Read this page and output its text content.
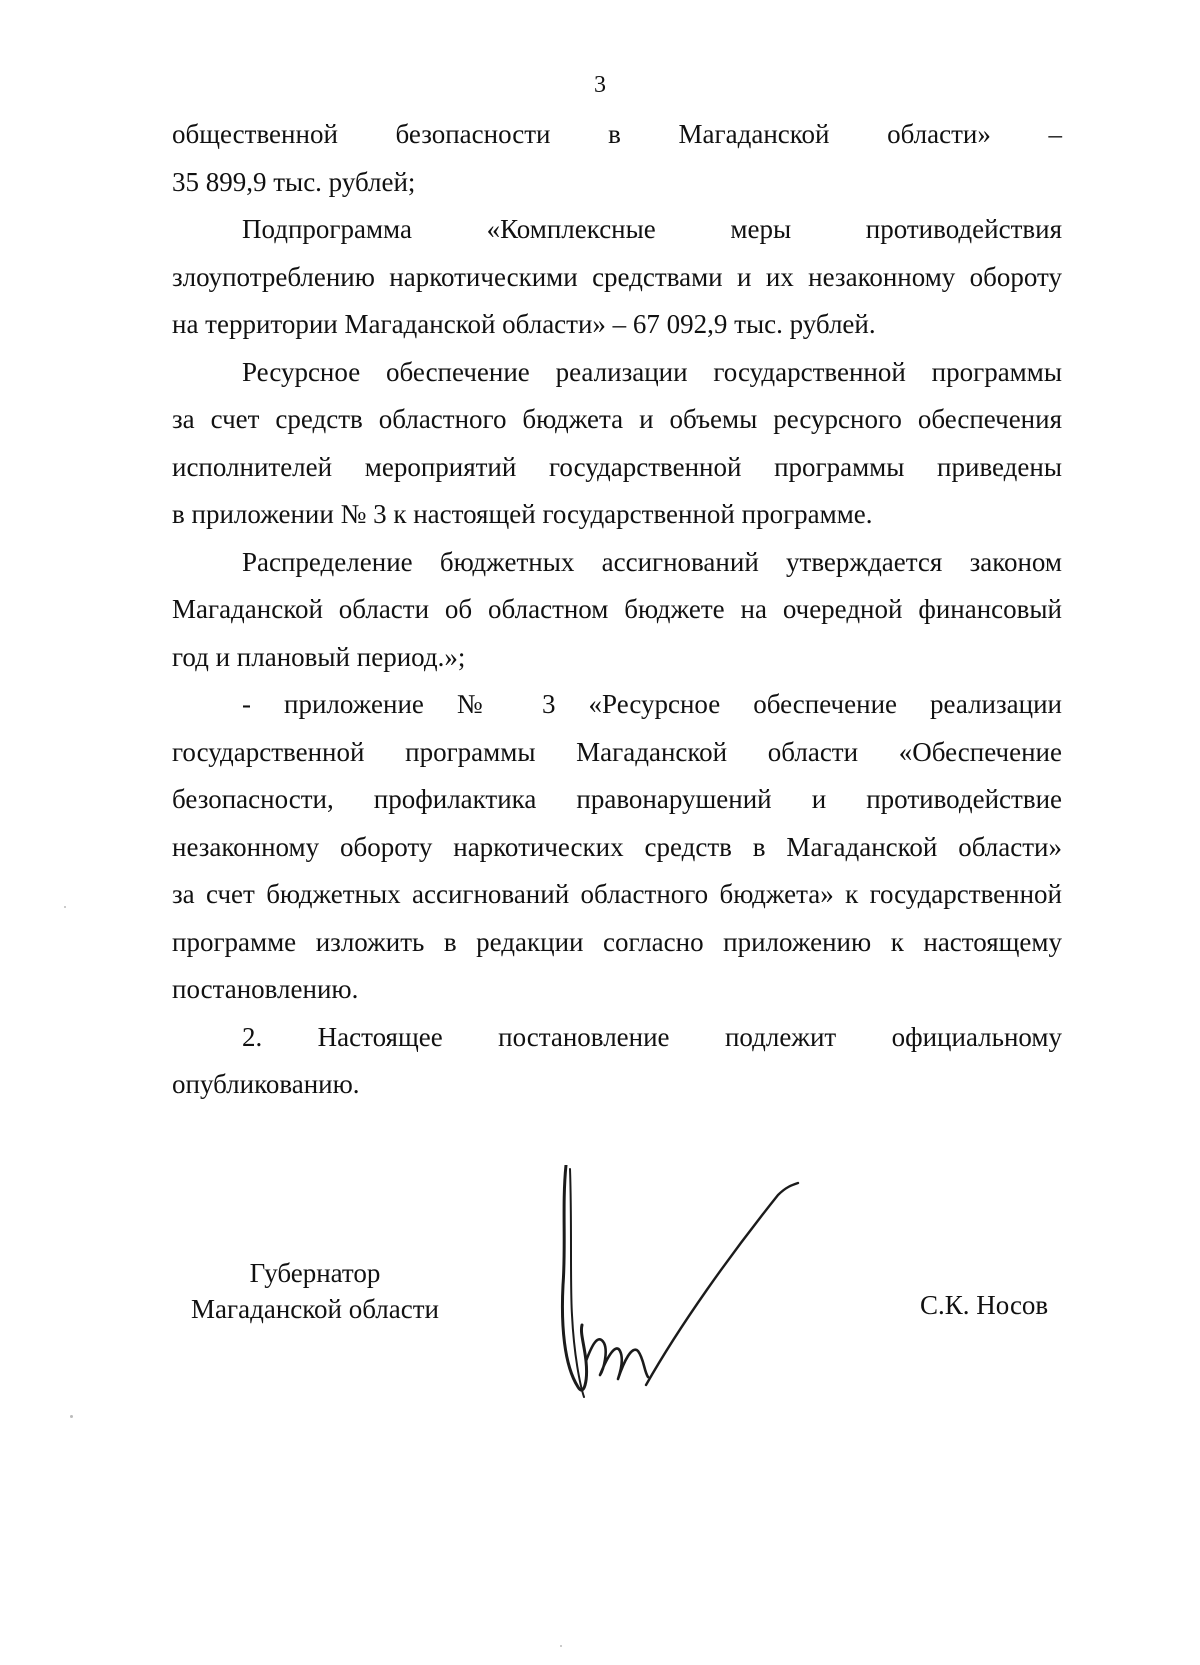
3
общественной безопасности в Магаданской области» –
35 899,9 тыс. рублей;
Подпрограмма «Комплексные меры противодействия
злоупотреблению наркотическими средствами и их незаконному обороту
на территории Магаданской области» – 67 092,9 тыс. рублей.
Ресурсное обеспечение реализации государственной программы
за счет средств областного бюджета и объемы ресурсного обеспечения
исполнителей мероприятий государственной программы приведены
в приложении № 3 к настоящей государственной программе.
Распределение бюджетных ассигнований утверждается законом
Магаданской области об областном бюджете на очередной финансовый
год и плановый период.»;
- приложение № 3 «Ресурсное обеспечение реализации
государственной программы Магаданской области «Обеспечение
безопасности, профилактика правонарушений и противодействие
незаконному обороту наркотических средств в Магаданской области»
за счет бюджетных ассигнований областного бюджета» к государственной
программе изложить в редакции согласно приложению к настоящему
постановлению.
2. Настоящее постановление подлежит официальному
опубликованию.
Губернатор
Магаданской области	С.К. Носов
